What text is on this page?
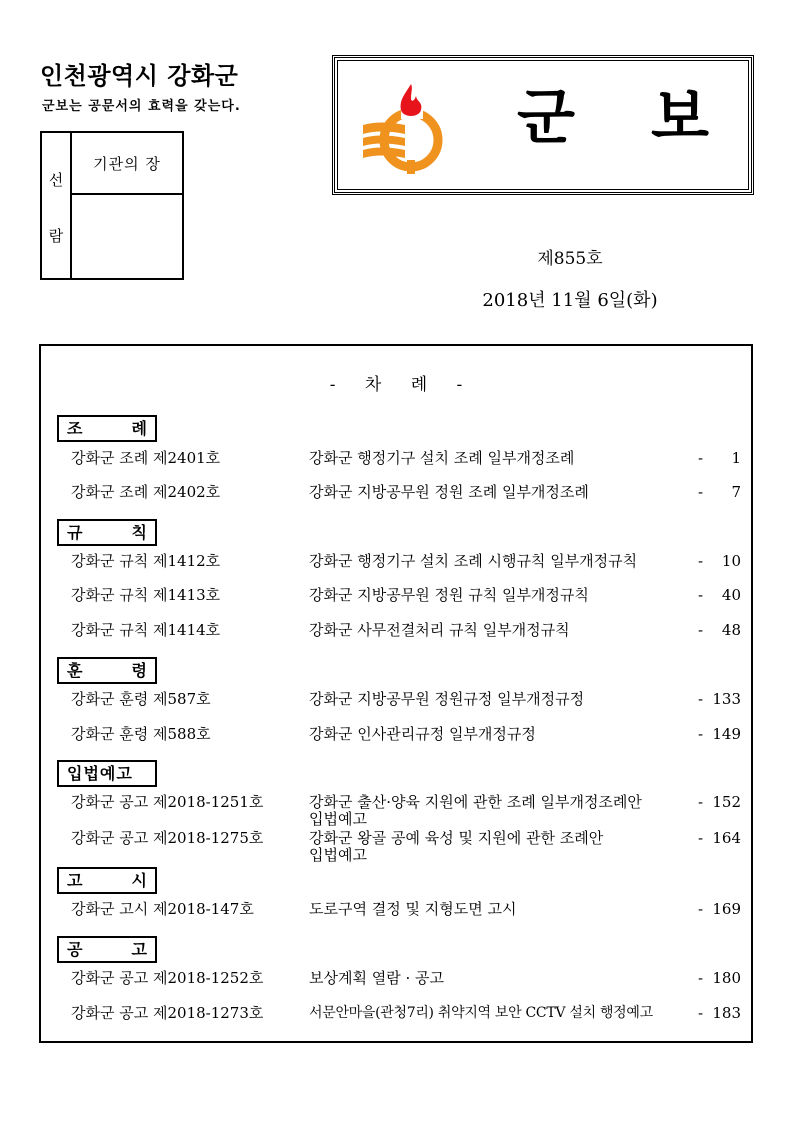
인천광역시 강화군
군보는 공문서의 효력을 갖는다.
선
람
기관의 장
군 보
제855호
2018년 11월 6일(화)
- 차 례 -
조	례
강화군 조례 제2401호	강화군 행정기구 설치 조례 일부개정조례	- 1
강화군 조례 제2402호	강화군 지방공무원 정원 조례 일부개정조례	- 7
규	칙
강화군 규칙 제1412호	강화군 행정기구 설치 조례 시행규칙 일부개정규칙	- 10
강화군 규칙 제1413호	강화군 지방공무원 정원 규칙 일부개정규칙	- 40
강화군 규칙 제1414호	강화군 사무전결처리 규칙 일부개정규칙	- 48
훈	령
강화군 훈령 제587호	강화군 지방공무원 정원규정 일부개정규정	- 133
강화군 훈령 제588호	강화군 인사관리규정 일부개정규정	- 149
입법예고
강화군 공고 제2018-1251호	강화군 출산·양육 지원에 관한 조례 일부개정조례안	- 152
입법예고
강화군 공고 제2018-1275호	강화군 왕골 공예 육성 및 지원에 관한 조례안	- 164
입법예고
고	시
강화군 고시 제2018-147호	도로구역 결정 및 지형도면 고시	- 169
공	고
강화군 공고 제2018-1252호	보상계획 열람 · 공고	- 180
강화군 공고 제2018-1273호	서문안마을(관청7리) 취약지역 보안 CCTV 설치 행정예고	- 183
